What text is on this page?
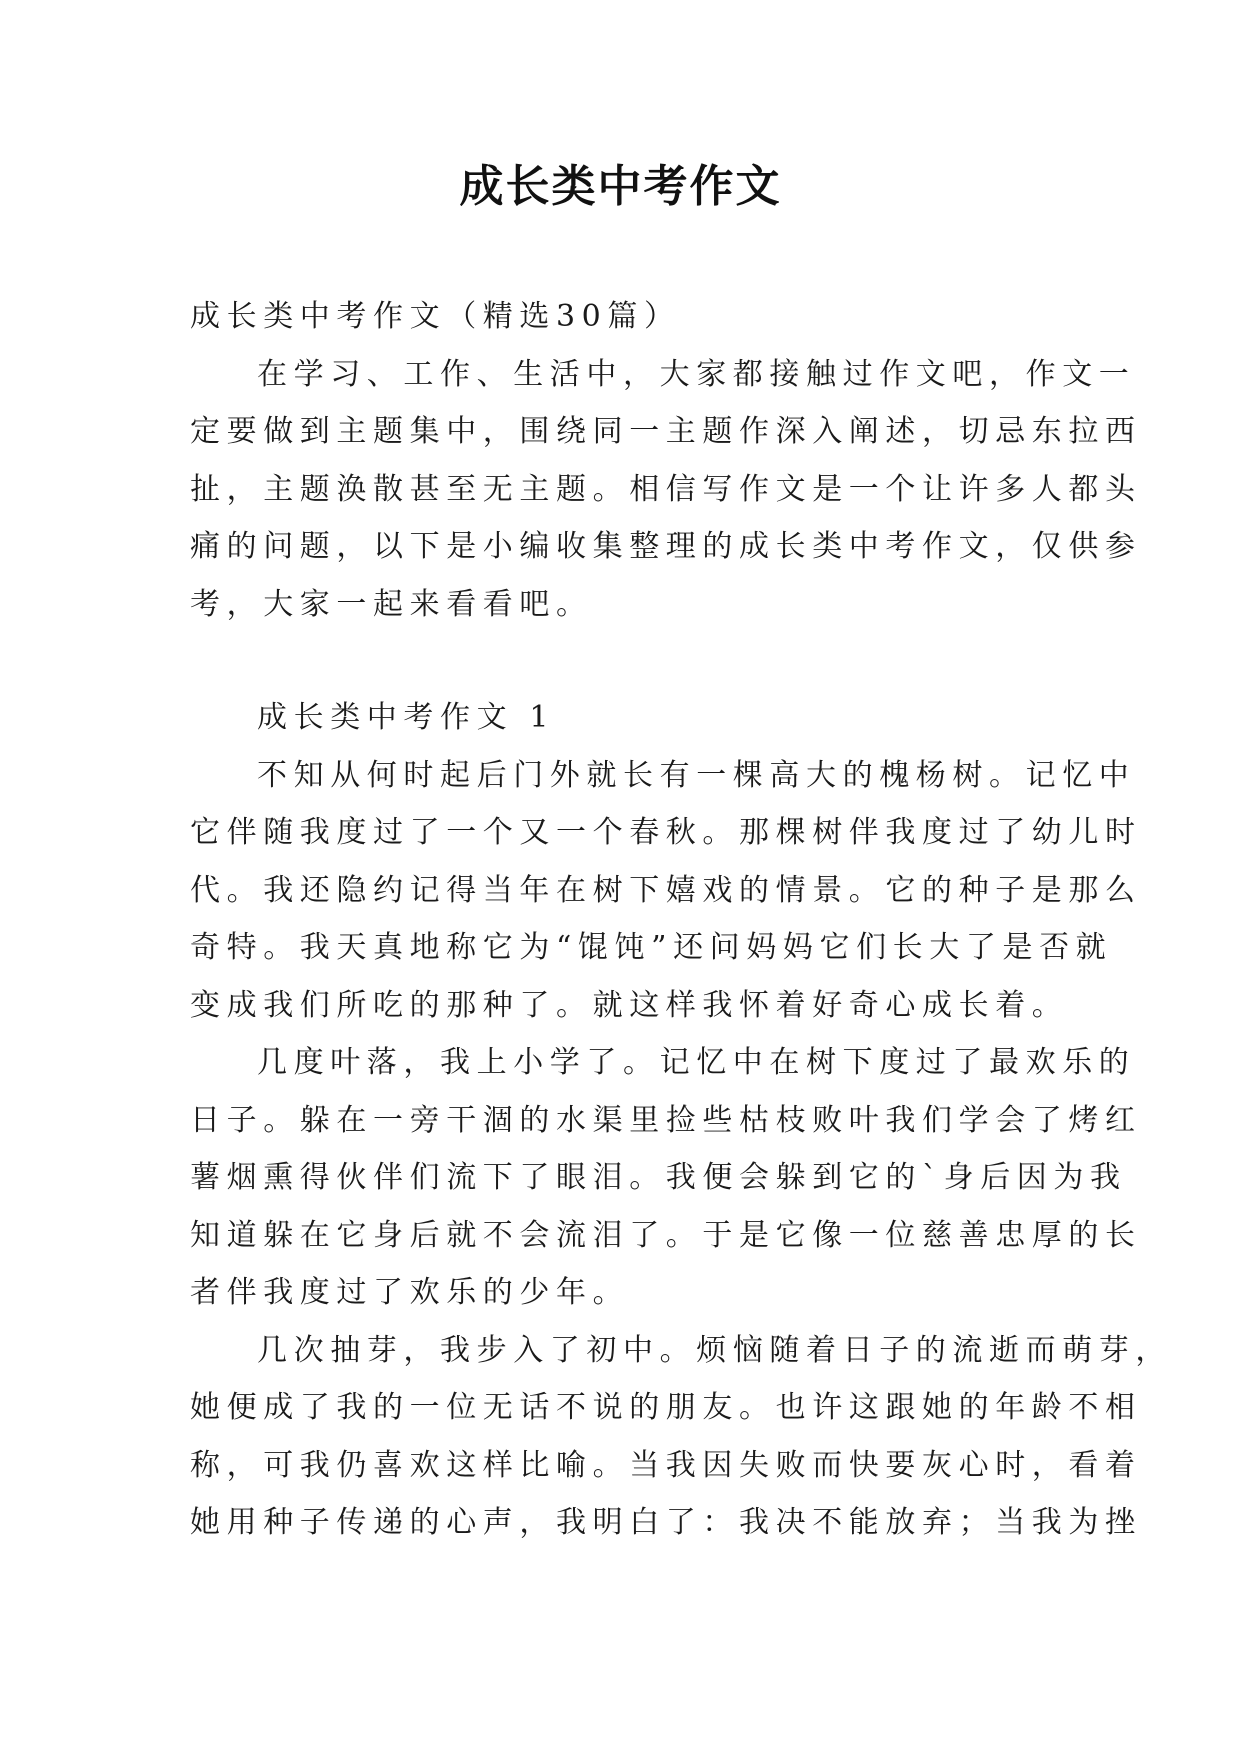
成长类中考作文
成长类中考作文（精选30篇）
在学习、工作、生活中，大家都接触过作文吧，作文一
定要做到主题集中，围绕同一主题作深入阐述，切忌东拉西
扯，主题涣散甚至无主题。相信写作文是一个让许多人都头
痛的问题，以下是小编收集整理的成长类中考作文，仅供参
考，大家一起来看看吧。
成长类中考作文 1
不知从何时起后门外就长有一棵高大的槐杨树。记忆中
它伴随我度过了一个又一个春秋。那棵树伴我度过了幼儿时
代。我还隐约记得当年在树下嬉戏的情景。它的种子是那么
奇特。我天真地称它为“馄饨”还问妈妈它们长大了是否就
变成我们所吃的那种了。就这样我怀着好奇心成长着。
几度叶落，我上小学了。记忆中在树下度过了最欢乐的
日子。躲在一旁干涸的水渠里捡些枯枝败叶我们学会了烤红
薯烟熏得伙伴们流下了眼泪。我便会躲到它的`身后因为我
知道躲在它身后就不会流泪了。于是它像一位慈善忠厚的长
者伴我度过了欢乐的少年。
几次抽芽，我步入了初中。烦恼随着日子的流逝而萌芽，
她便成了我的一位无话不说的朋友。也许这跟她的年龄不相
称，可我仍喜欢这样比喻。当我因失败而快要灰心时，看着
她用种子传递的心声，我明白了：我决不能放弃；当我为挫
